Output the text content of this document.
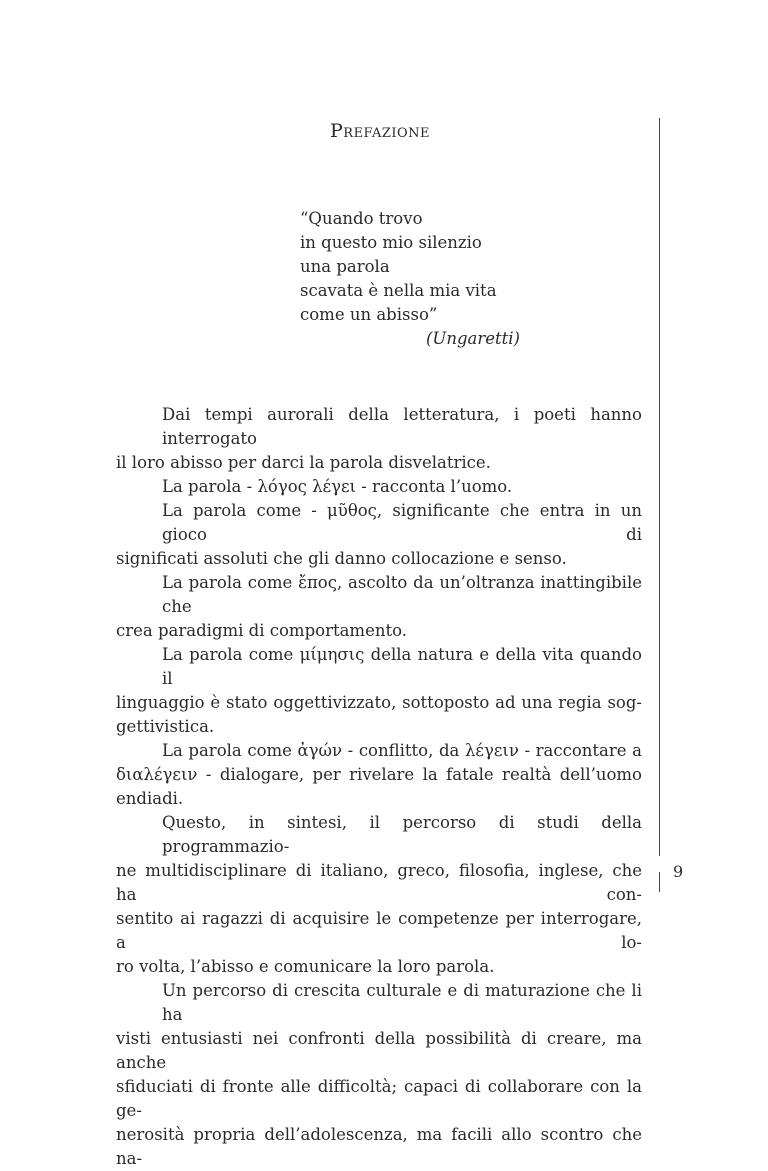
Prefazione
9
“Quando trovo
in questo mio silenzio
una parola
scavata è nella mia vita
come un abisso”
(Ungaretti)
Dai tempi aurorali della letteratura, i poeti hanno interrogato
il loro abisso per darci la parola disvelatrice.
La parola - λόγος λέγει - racconta l’uomo.
La parola come - μῦθος, significante che entra in un gioco di
significati assoluti che gli danno collocazione e senso.
La parola come ἔπος, ascolto da un’oltranza inattingibile che
crea paradigmi di comportamento.
La parola come μίμησις della natura e della vita quando il
linguaggio è stato oggettivizzato, sottoposto ad una regia sog-
gettivistica.
La parola come ἀγών - conflitto, da λέγειν - raccontare a
διαλέγειν - dialogare, per rivelare la fatale realtà dell’uomo endiadi.
Questo, in sintesi, il percorso di studi della programmazio-
ne multidisciplinare di italiano, greco, filosofia, inglese, che ha con-
sentito ai ragazzi di acquisire le competenze per interrogare, a lo-
ro volta, l’abisso e comunicare la loro parola.
Un percorso di crescita culturale e di maturazione che li ha
visti entusiasti nei confronti della possibilità di creare, ma anche
sfiduciati di fronte alle difficoltà; capaci di collaborare con la ge-
nerosità propria dell’adolescenza, ma facili allo scontro che na-
